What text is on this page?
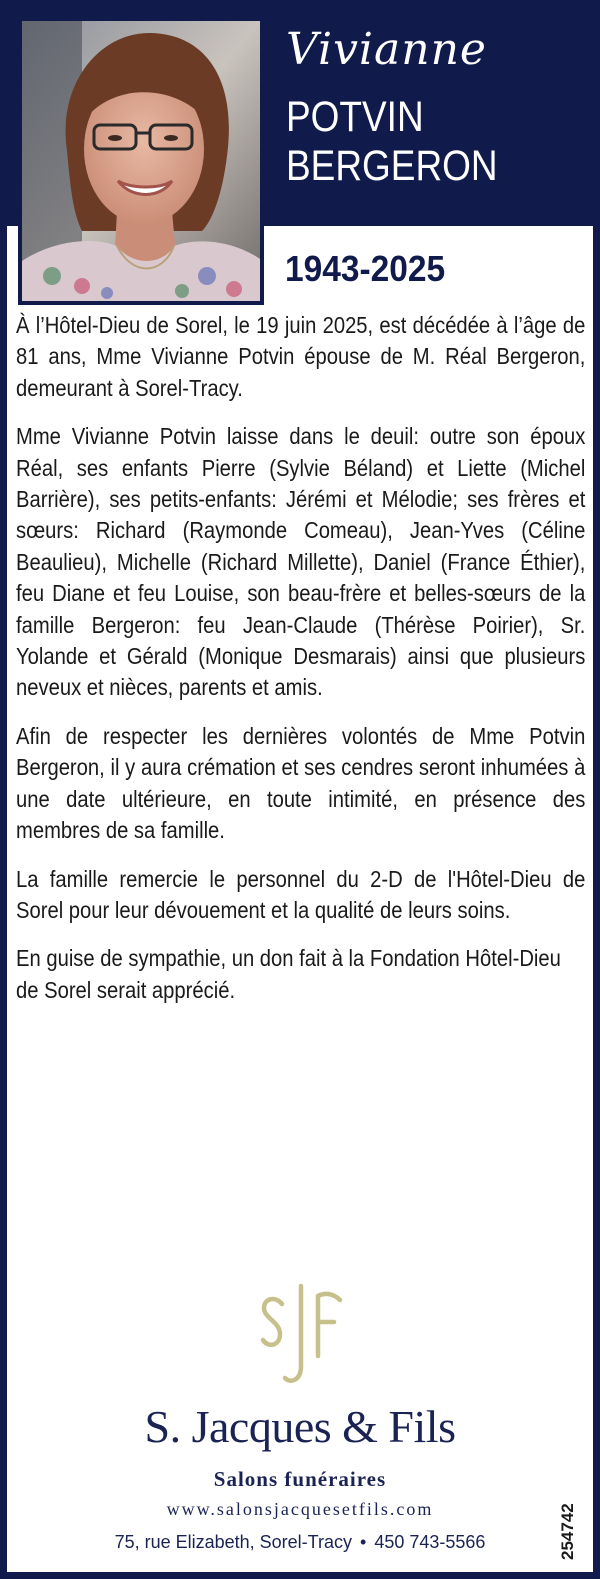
Vivianne
POTVIN
BERGERON
1943-2025

À l’Hôtel-Dieu de Sorel, le 19 juin 2025, est décédée à l’âge de 81 ans, Mme Vivianne Potvin épouse de M. Réal Bergeron, demeurant à Sorel-Tracy.

Mme Vivianne Potvin laisse dans le deuil: outre son époux Réal, ses enfants Pierre (Sylvie Béland) et Liette (Michel Barrière), ses petits-enfants: Jérémi et Mélodie; ses frères et sœurs: Richard (Raymonde Comeau), Jean-Yves (Céline Beaulieu), Michelle (Richard Millette), Daniel (France Éthier), feu Diane et feu Louise, son beau-frère et belles-sœurs de la famille Bergeron: feu Jean-Claude (Thérèse Poirier), Sr. Yolande et Gérald (Monique Desmarais) ainsi que plusieurs neveux et nièces, parents et amis.

Afin de respecter les dernières volontés de Mme Potvin Bergeron, il y aura crémation et ses cendres seront inhumées à une date ultérieure, en toute intimité, en présence des membres de sa famille.

La famille remercie le personnel du 2-D de l'Hôtel-Dieu de Sorel pour leur dévouement et la qualité de leurs soins.

En guise de sympathie, un don fait à la Fondation Hôtel-Dieu de Sorel serait apprécié.

S. Jacques & Fils
Salons funéraires
www.salonsjacquesetfils.com
75, rue Elizabeth, Sorel-Tracy • 450 743-5566	254742
